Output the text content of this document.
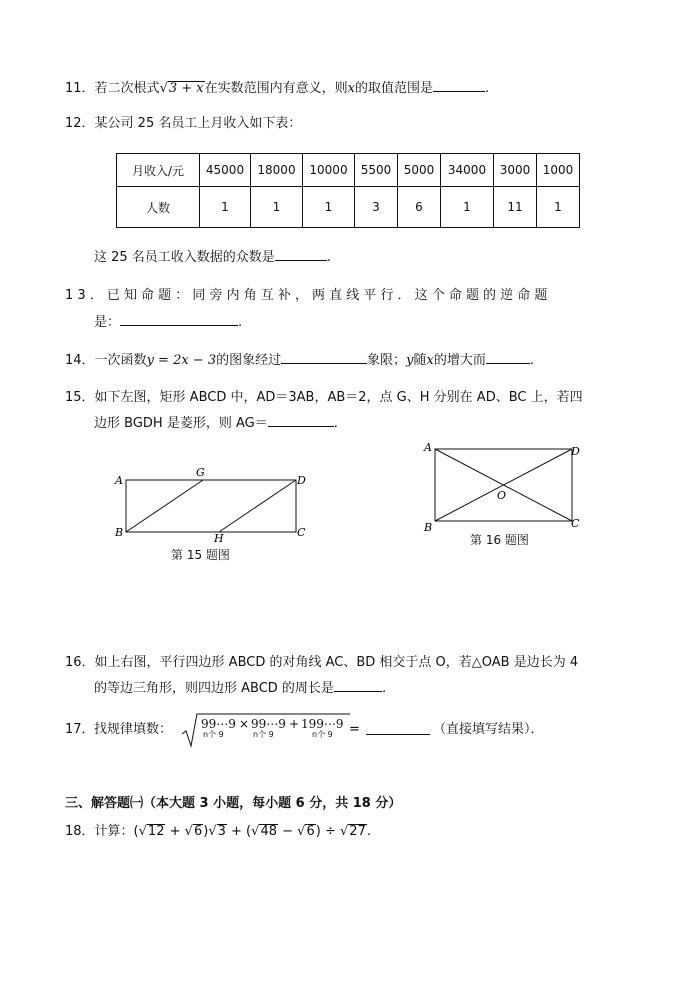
11．若二次根式√3 + x在实数范围内有意义，则x的取值范围是	.
12．某公司 25 名员工上月收入如下表：
月收入/元	45000	18000	10000	5500	5000	34000	3000	1000
人数	1	1	1	3	6	1	11	1
这 25 名员工收入数据的众数是	.
13．已知命题：同旁内角互补，两直线平行．这个命题的逆命题
是：	.
14．一次函数y = 2x − 3的图象经过	象限；y随x的增大而	.
15．如下左图，矩形 ABCD 中，AD＝3AB，AB＝2，点 G、H 分别在 AD、BC 上，若四
边形 BGDH 是菱形，则 AG＝	.
A
B	C
D
G
H
第 15 题图
A
B	C
D
O
第 16 题图
16．如上右图，平行四边形 ABCD 的对角线 AC、BD 相交于点 O，若△OAB 是边长为 4
的等边三角形，则四边形 ABCD 的周长是	.
17． 找规律填数： 99⋯9
n个 9
× 99⋯9
n个 9
+ 199⋯9
n个 9 =	（直接填写结果）．
三、解答题㈠（本大题 3 小题，每小题 6 分，共 18 分）
18．计算：(√12 + √6)√3 + (√48 − √6) ÷ √27.
